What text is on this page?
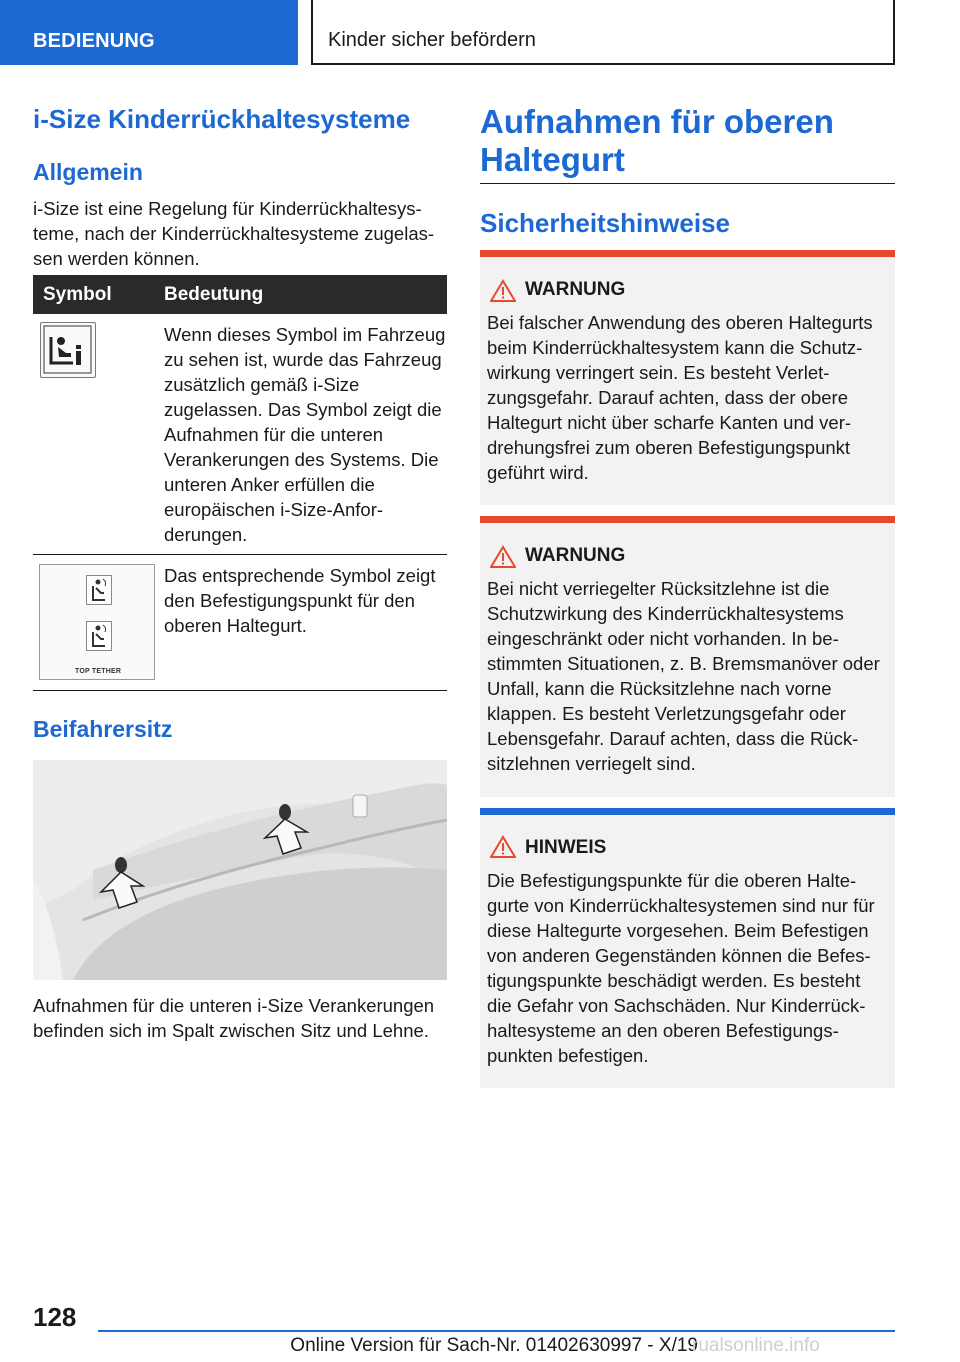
BEDIENUNG	Kinder sicher befördern
i‑Size Kinderrückhaltesysteme
Allgemein
i-Size ist eine Regelung für Kinderrückhaltesysteme, nach der Kinderrückhaltesysteme zugelassen werden können.
Symbol	Bedeutung
Wenn dieses Symbol im Fahrzeug zu sehen ist, wurde das Fahrzeug zusätzlich gemäß i-Size zugelassen. Das Symbol zeigt die Aufnahmen für die unteren Verankerungen des Systems. Die unteren Anker erfüllen die europäischen i-Size-Anforderungen.
TOP TETHER
Das entsprechende Symbol zeigt den Befestigungspunkt für den oberen Haltegurt.
Beifahrersitz
Aufnahmen für die unteren i-Size Verankerungen befinden sich im Spalt zwischen Sitz und Lehne.
Aufnahmen für oberen Haltegurt
Sicherheitshinweise
WARNUNG
Bei falscher Anwendung des oberen Haltegurts beim Kinderrückhaltesystem kann die Schutzwirkung verringert sein. Es besteht Verletzungsgefahr. Darauf achten, dass der obere Haltegurt nicht über scharfe Kanten und verdrehungsfrei zum oberen Befestigungspunkt geführt wird.
WARNUNG
Bei nicht verriegelter Rücksitzlehne ist die Schutzwirkung des Kinderrückhaltesystems eingeschränkt oder nicht vorhanden. In bestimmten Situationen, z. B. Bremsmanöver oder Unfall, kann die Rücksitzlehne nach vorne klappen. Es besteht Verletzungsgefahr oder Lebensgefahr. Darauf achten, dass die Rücksitzlehnen verriegelt sind.
HINWEIS
Die Befestigungspunkte für die oberen Haltegurte von Kinderrückhaltesystemen sind nur für diese Haltegurte vorgesehen. Beim Befestigen von anderen Gegenständen können die Befestigungspunkte beschädigt werden. Es besteht die Gefahr von Sachschäden. Nur Kinderrückhaltesysteme an den oberen Befestigungspunkten befestigen.
128
Online Version für Sach-Nr. 01402630997 - X/19
rualsonline.info
